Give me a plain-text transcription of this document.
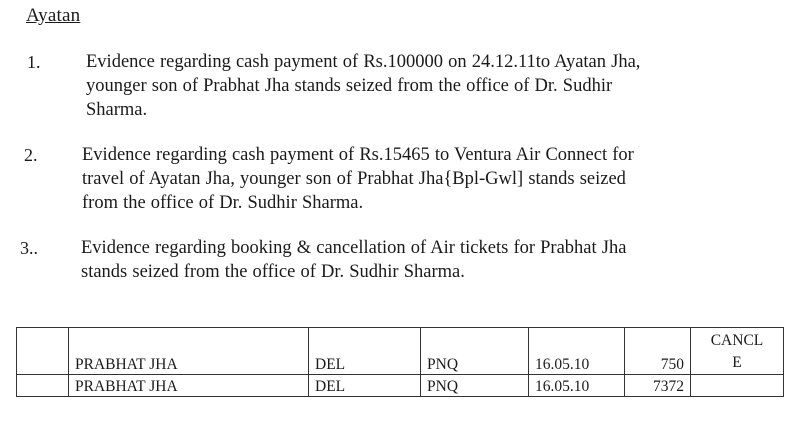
Ayatan
1. Evidence regarding cash payment of Rs.100000 on 24.12.11to Ayatan Jha,
younger son of Prabhat Jha stands seized from the office of Dr. Sudhir
Sharma.
2. Evidence regarding cash payment of Rs.15465 to Ventura Air Connect for
travel of Ayatan Jha, younger son of Prabhat Jha{Bpl-Gwl] stands seized
from the office of Dr. Sudhir Sharma.
3.. Evidence regarding booking & cancellation of Air tickets for Prabhat Jha
stands seized from the office of Dr. Sudhir Sharma.
	PRABHAT JHA	DEL	PNQ	16.05.10	750	CANCL E
	PRABHAT JHA	DEL	PNQ	16.05.10	7372	
